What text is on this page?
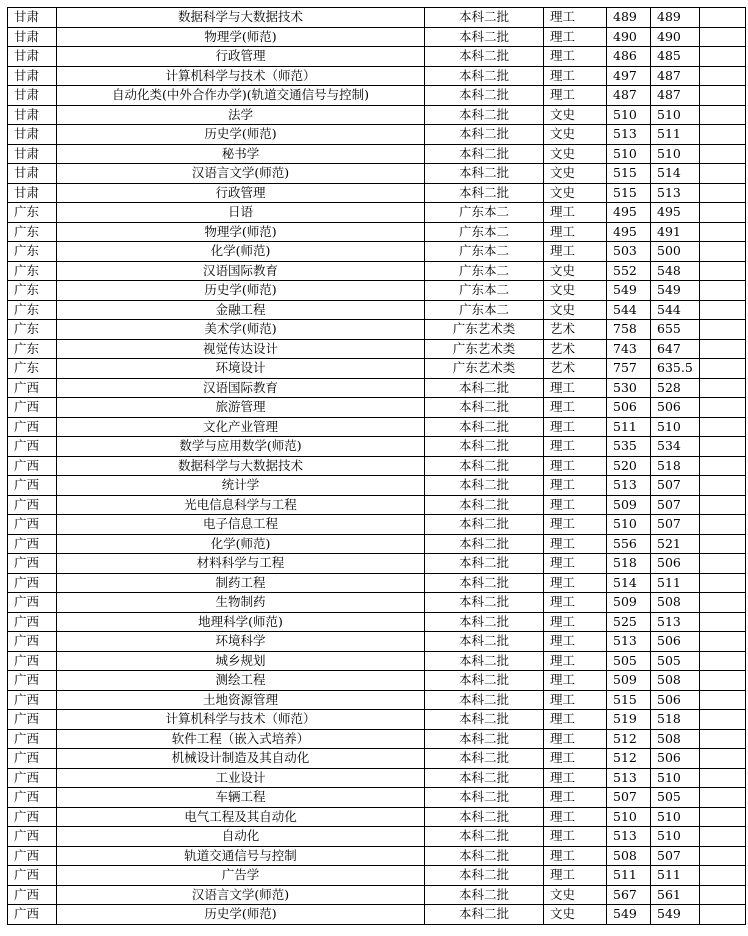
甘肃	数据科学与大数据技术	本科二批	理工	489	489	
甘肃	物理学(师范)	本科二批	理工	490	490	
甘肃	行政管理	本科二批	理工	486	485	
甘肃	计算机科学与技术（师范）	本科二批	理工	497	487	
甘肃	自动化类(中外合作办学)(轨道交通信号与控制)	本科二批	理工	487	487	
甘肃	法学	本科二批	文史	510	510	
甘肃	历史学(师范)	本科二批	文史	513	511	
甘肃	秘书学	本科二批	文史	510	510	
甘肃	汉语言文学(师范)	本科二批	文史	515	514	
甘肃	行政管理	本科二批	文史	515	513	
广东	日语	广东本二	理工	495	495	
广东	物理学(师范)	广东本二	理工	495	491	
广东	化学(师范)	广东本二	理工	503	500	
广东	汉语国际教育	广东本二	文史	552	548	
广东	历史学(师范)	广东本二	文史	549	549	
广东	金融工程	广东本二	文史	544	544	
广东	美术学(师范)	广东艺术类	艺术	758	655	
广东	视觉传达设计	广东艺术类	艺术	743	647	
广东	环境设计	广东艺术类	艺术	757	635.5	
广西	汉语国际教育	本科二批	理工	530	528	
广西	旅游管理	本科二批	理工	506	506	
广西	文化产业管理	本科二批	理工	511	510	
广西	数学与应用数学(师范)	本科二批	理工	535	534	
广西	数据科学与大数据技术	本科二批	理工	520	518	
广西	统计学	本科二批	理工	513	507	
广西	光电信息科学与工程	本科二批	理工	509	507	
广西	电子信息工程	本科二批	理工	510	507	
广西	化学(师范)	本科二批	理工	556	521	
广西	材料科学与工程	本科二批	理工	518	506	
广西	制药工程	本科二批	理工	514	511	
广西	生物制药	本科二批	理工	509	508	
广西	地理科学(师范)	本科二批	理工	525	513	
广西	环境科学	本科二批	理工	513	506	
广西	城乡规划	本科二批	理工	505	505	
广西	测绘工程	本科二批	理工	509	508	
广西	土地资源管理	本科二批	理工	515	506	
广西	计算机科学与技术（师范）	本科二批	理工	519	518	
广西	软件工程（嵌入式培养）	本科二批	理工	512	508	
广西	机械设计制造及其自动化	本科二批	理工	512	506	
广西	工业设计	本科二批	理工	513	510	
广西	车辆工程	本科二批	理工	507	505	
广西	电气工程及其自动化	本科二批	理工	510	510	
广西	自动化	本科二批	理工	513	510	
广西	轨道交通信号与控制	本科二批	理工	508	507	
广西	广告学	本科二批	理工	511	511	
广西	汉语言文学(师范)	本科二批	文史	567	561	
广西	历史学(师范)	本科二批	文史	549	549	
